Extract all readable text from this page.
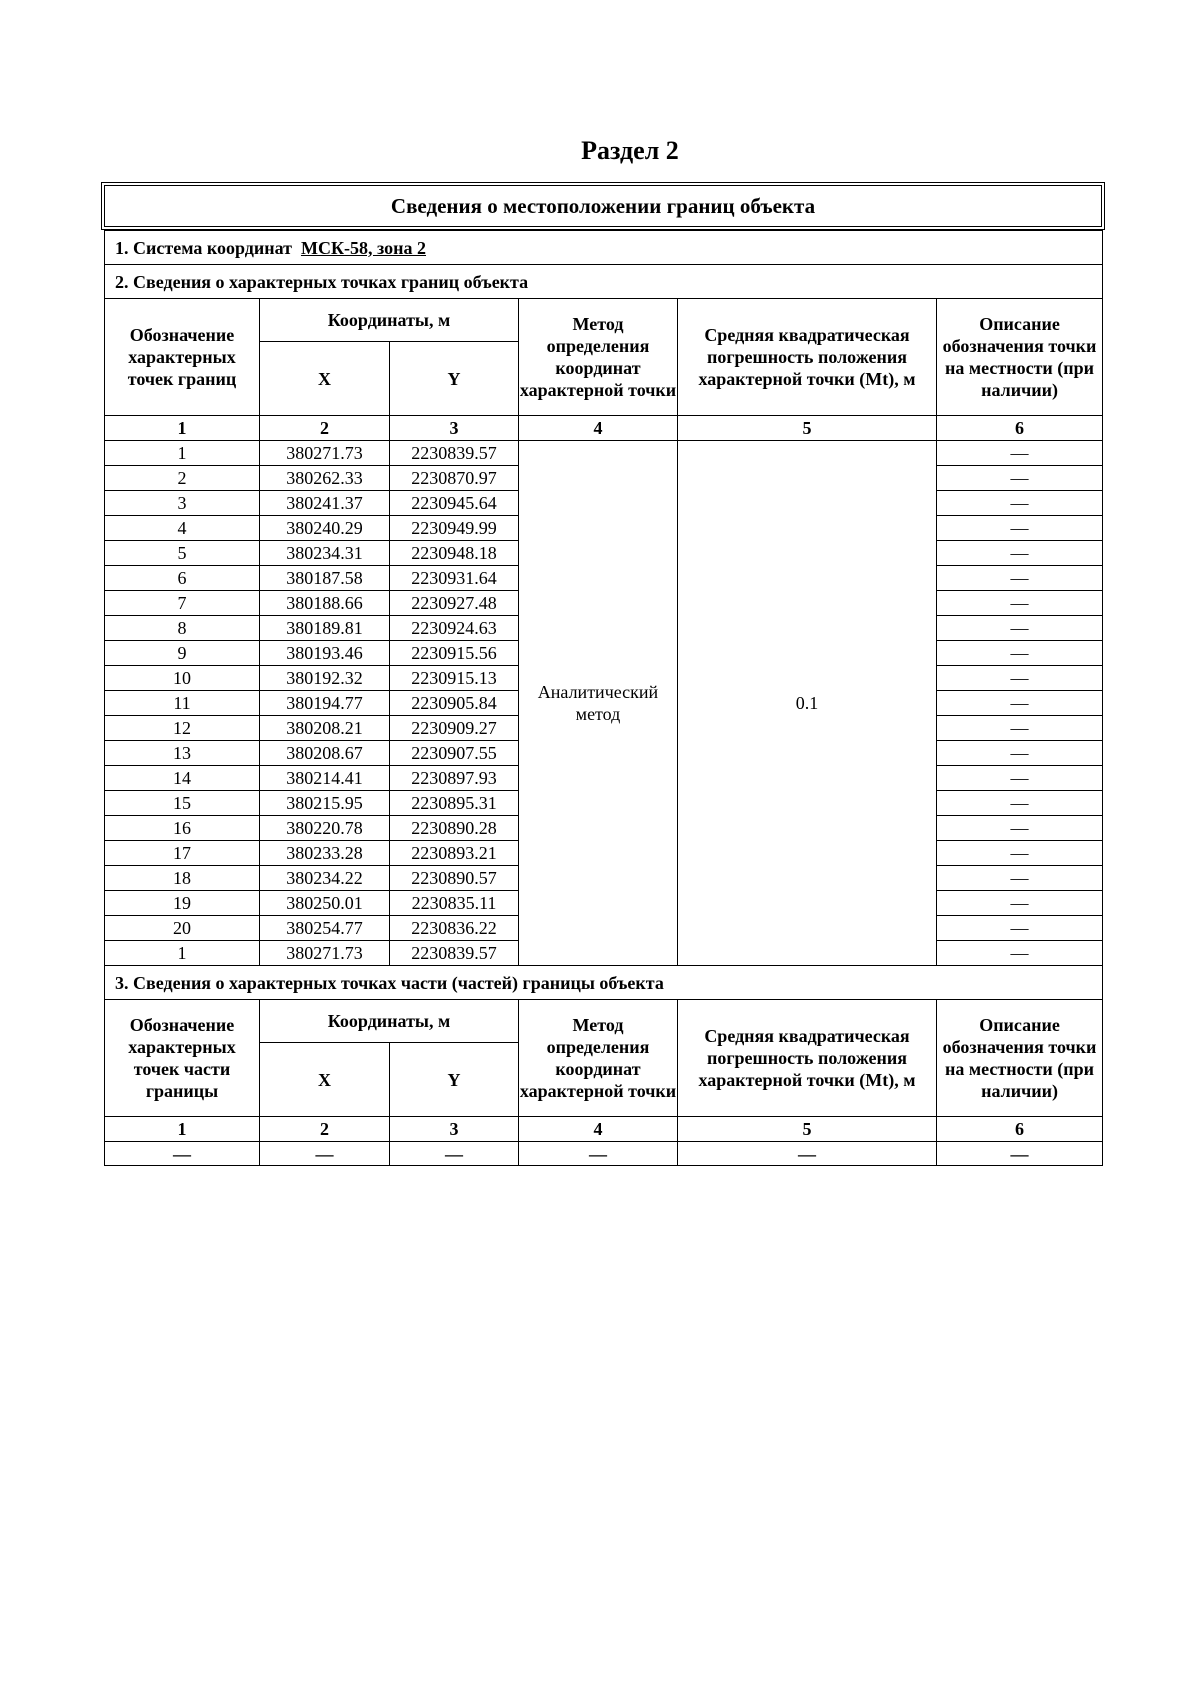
Раздел 2
Сведения о местоположении границ объекта
1. Система координат МСК-58, зона 2					
2. Сведения о характерных точках границ объекта					
Обозначение характерных точек границ	Координаты, м		Метод определения координат характерной точки	Средняя квадратическая погрешность положения характерной точки (Mt), м	Описание обозначения точки на местности (при наличии)
	X	Y			
1	2	3	4	5	6
1	380271.73	2230839.57	Аналитический метод	0.1	—
2	380262.33	2230870.97			—
3	380241.37	2230945.64			—
4	380240.29	2230949.99			—
5	380234.31	2230948.18			—
6	380187.58	2230931.64			—
7	380188.66	2230927.48			—
8	380189.81	2230924.63			—
9	380193.46	2230915.56			—
10	380192.32	2230915.13			—
11	380194.77	2230905.84			—
12	380208.21	2230909.27			—
13	380208.67	2230907.55			—
14	380214.41	2230897.93			—
15	380215.95	2230895.31			—
16	380220.78	2230890.28			—
17	380233.28	2230893.21			—
18	380234.22	2230890.57			—
19	380250.01	2230835.11			—
20	380254.77	2230836.22			—
1	380271.73	2230839.57			—
3. Сведения о характерных точках части (частей) границы объекта					
Обозначение характерных точек части границы	Координаты, м		Метод определения координат характерной точки	Средняя квадратическая погрешность положения характерной точки (Mt), м	Описание обозначения точки на местности (при наличии)
	X	Y			
1	2	3	4	5	6
—	—	—	—	—	—
